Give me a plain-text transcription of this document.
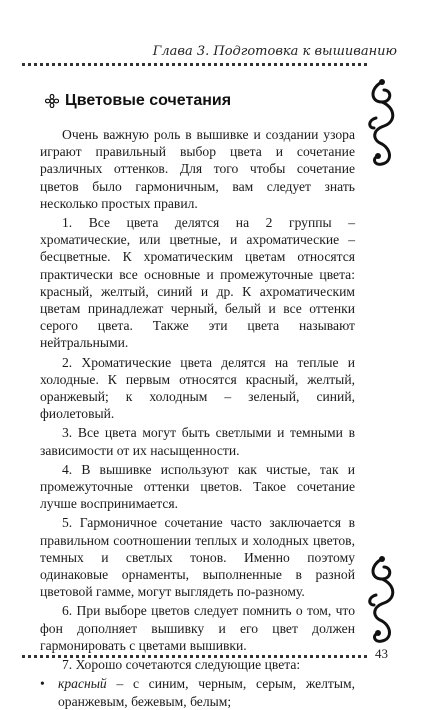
Глава 3. Подготовка к вышиванию
Цветовые сочетания

Очень важную роль в вышивке и создании узора играют правильный выбор цвета и сочетание различных оттенков. Для того чтобы сочетание цветов было гармоничным, вам следует знать несколько простых правил.

1. Все цвета делятся на 2 группы – хроматические, или цветные, и ахроматические – бесцветные. К хроматическим цветам относятся практически все основные и промежуточные цвета: красный, желтый, синий и др. К ахроматическим цветам принадлежат черный, белый и все оттенки серого цвета. Также эти цвета называют нейтральными.

2. Хроматические цвета делятся на теплые и холодные. К первым относятся красный, желтый, оранжевый; к холодным – зеленый, синий, фиолетовый.

3. Все цвета могут быть светлыми и темными в зависимости от их насыщенности.

4. В вышивке используют как чистые, так и промежуточные оттенки цветов. Такое сочетание лучше воспринимается.

5. Гармоничное сочетание часто заключается в правильном соотношении теплых и холодных цветов, темных и светлых тонов. Именно поэтому одинаковые орнаменты, выполненные в разной цветовой гамме, могут выглядеть по-разному.

6. При выборе цветов следует помнить о том, что фон дополняет вышивку и его цвет должен гармонировать с цветами вышивки.

7. Хорошо сочетаются следующие цвета:

• красный – с синим, черным, серым, желтым, оранжевым, бежевым, белым;
43
